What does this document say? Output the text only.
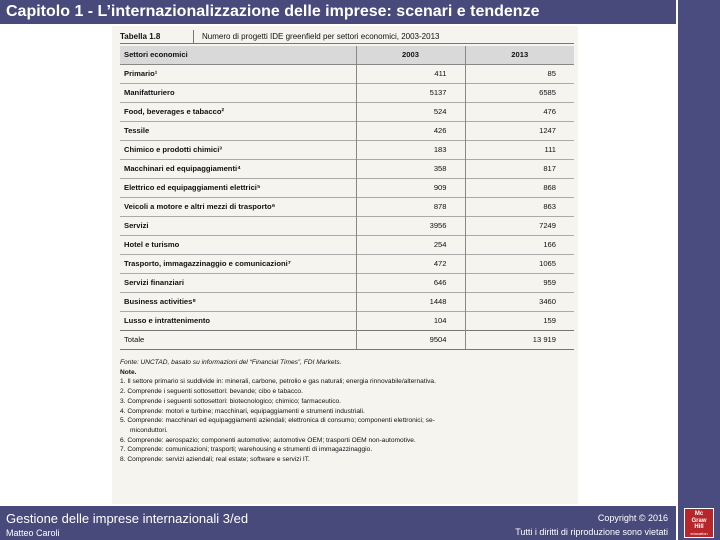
Capitolo 1 - L’internazionalizzazione delle imprese: scenari e tendenze
Tabella 1.8	Numero di progetti IDE greenfield per settori economici, 2003-2013
Settori economici	2003	2013
Primario¹	411	85
Manifatturiero	5137	6585
Food, beverages e tabacco²	524	476
Tessile	426	1247
Chimico e prodotti chimici³	183	111
Macchinari ed equipaggiamenti⁴	358	817
Elettrico ed equipaggiamenti elettrici⁵	909	868
Veicoli a motore e altri mezzi di trasporto⁶	878	863
Servizi	3956	7249
Hotel e turismo	254	166
Trasporto, immagazzinaggio e comunicazioni⁷	472	1065
Servizi finanziari	646	959
Business activities⁸	1448	3460
Lusso e intrattenimento	104	159
Totale	9504	13 919
Fonte: UNCTAD, basato su informazioni del “Financial Times”, FDI Markets.
Note.
1. Il settore primario si suddivide in: minerali, carbone, petrolio e gas naturali; energia rinnovabile/alternativa.
2. Comprende i seguenti sottosettori: bevande; cibo e tabacco.
3. Comprende i seguenti sottosettori: biotecnologico; chimico; farmaceutico.
4. Comprende: motori e turbine; macchinari, equipaggiamenti e strumenti industriali.
5. Comprende: macchinari ed equipaggiamenti aziendali; elettronica di consumo; componenti elettronici; se-
miconduttori.
6. Comprende: aerospazio; componenti automotive; automotive OEM; trasporti OEM non-automotive.
7. Comprende: comunicazioni; trasporti; warehousing e strumenti di immagazzinaggio.
8. Comprende: servizi aziendali; real estate; software e servizi IT.
Gestione delle imprese internazionali 3/ed
Matteo Caroli
Copyright © 2016
Tutti i diritti di riproduzione sono vietati
Mc
Graw
Hill
education
